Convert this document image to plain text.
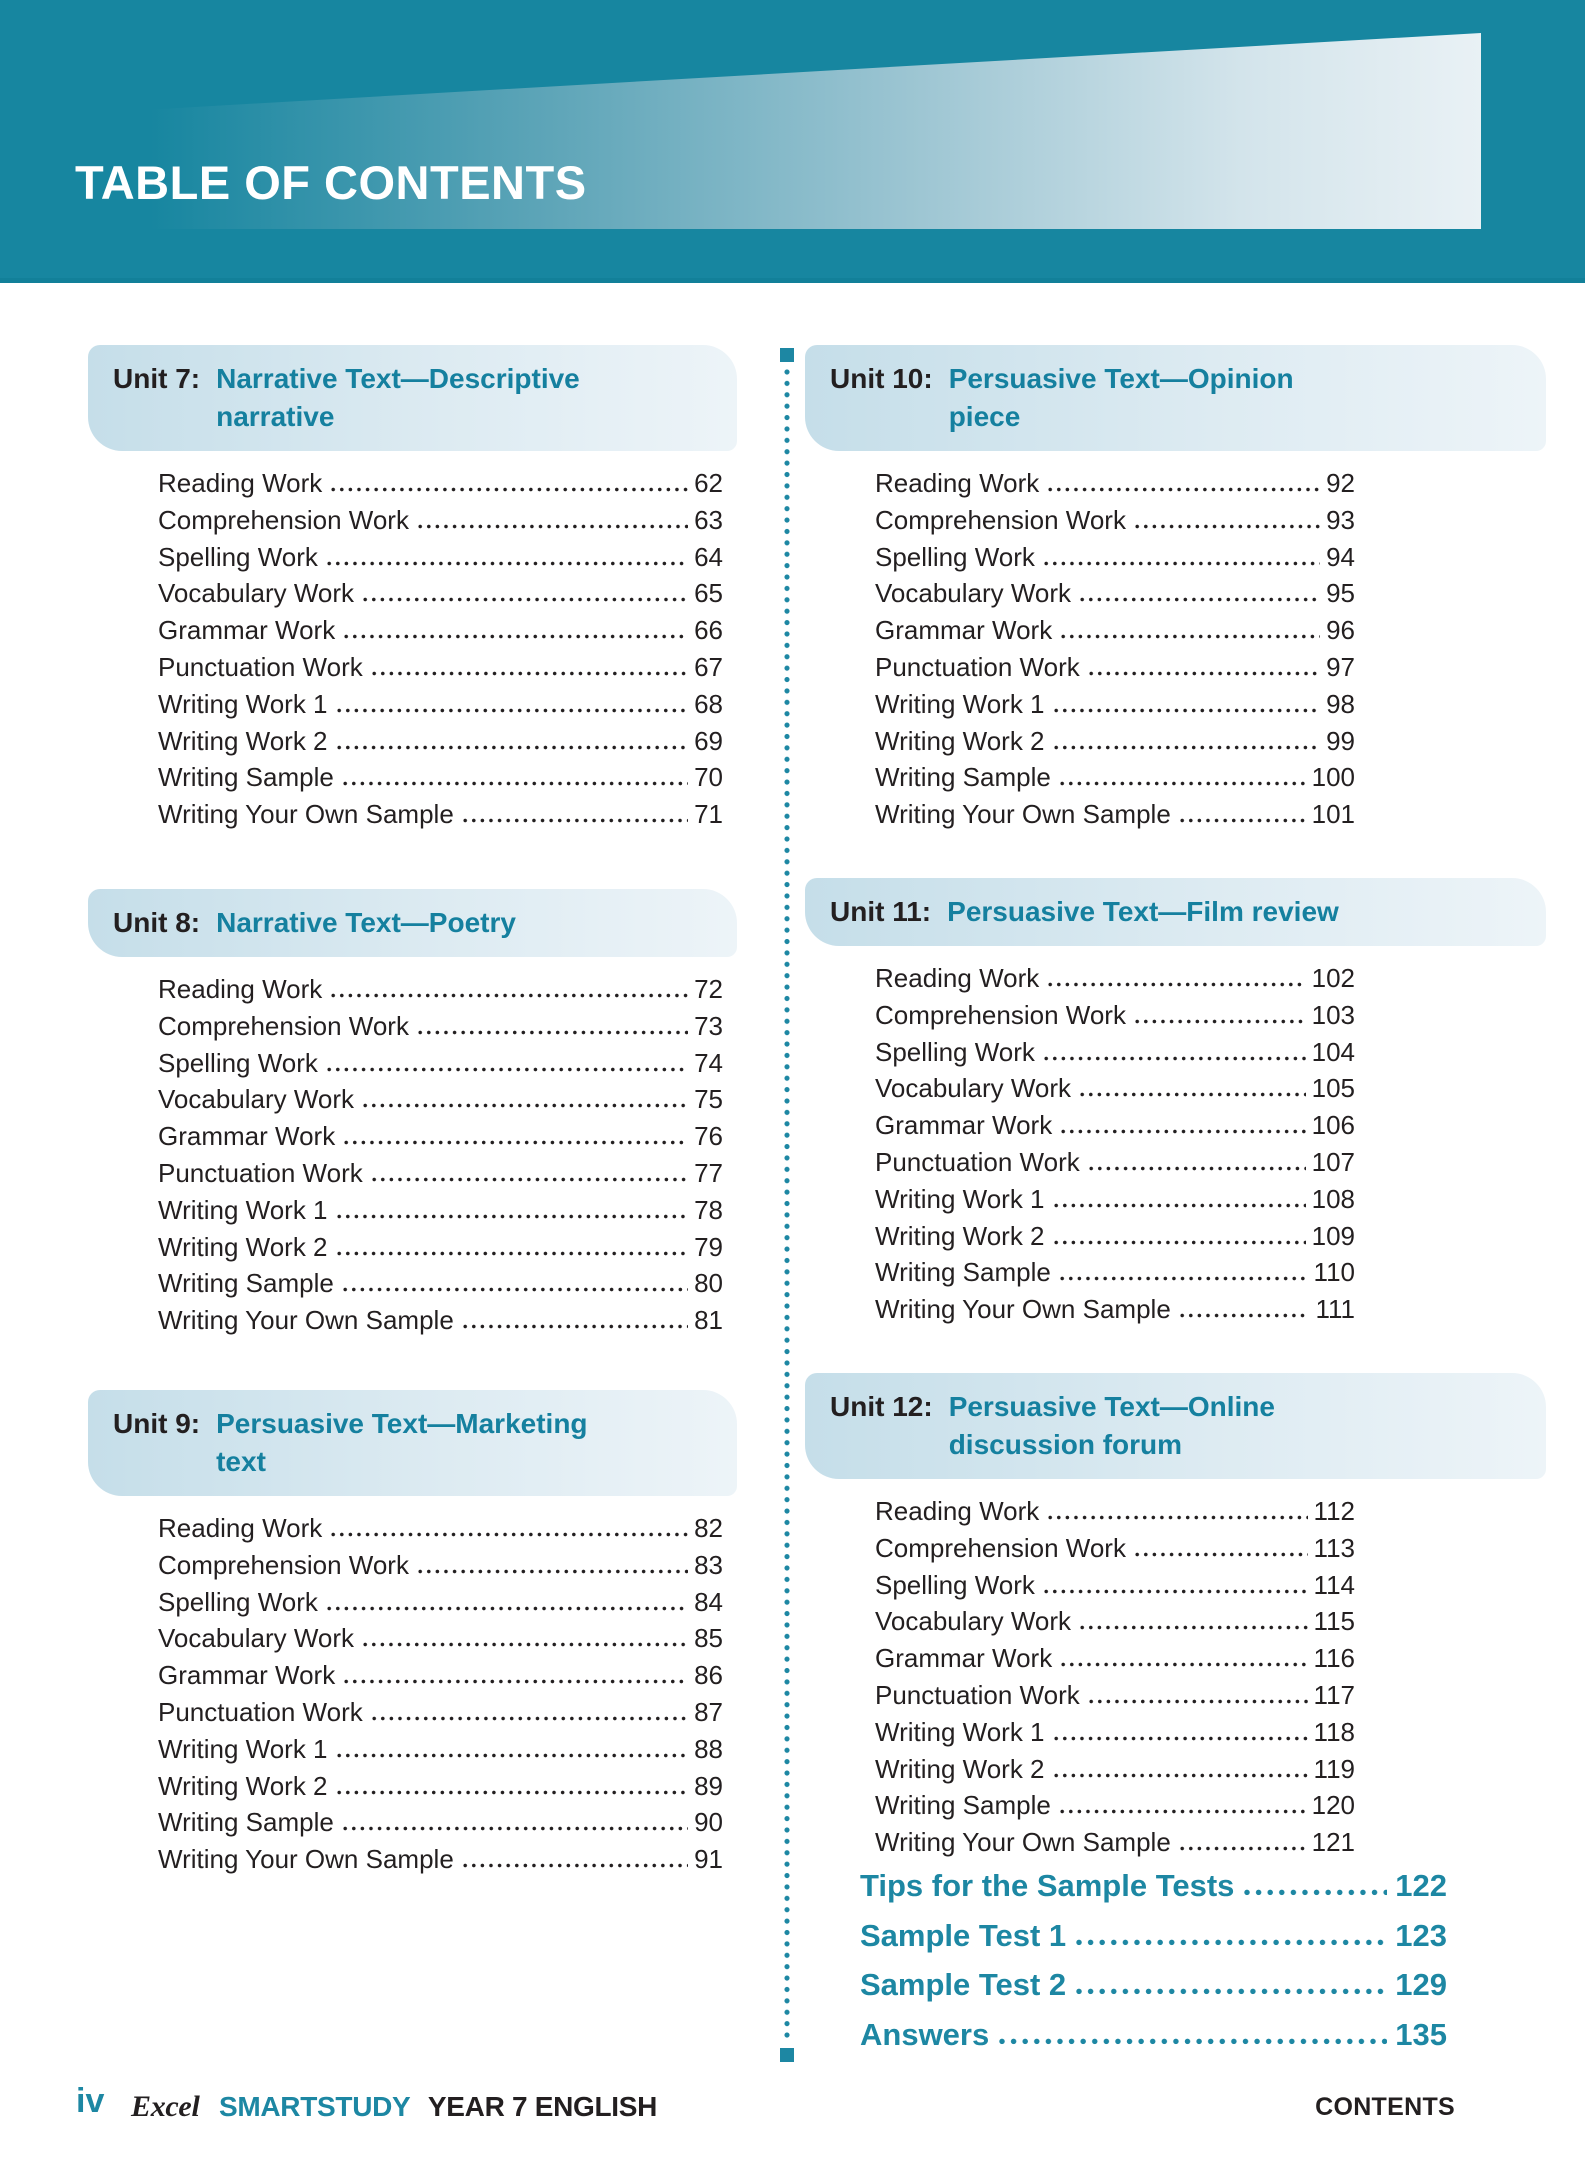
TABLE OF CONTENTS
Unit 7: Narrative Text—Descriptive
narrative
Reading Work	62
Comprehension Work	63
Spelling Work	64
Vocabulary Work	65
Grammar Work	66
Punctuation Work	67
Writing Work 1	68
Writing Work 2	69
Writing Sample	70
Writing Your Own Sample	71
Unit 8: Narrative Text—Poetry
Reading Work	72
Comprehension Work	73
Spelling Work	74
Vocabulary Work	75
Grammar Work	76
Punctuation Work	77
Writing Work 1	78
Writing Work 2	79
Writing Sample	80
Writing Your Own Sample	81
Unit 9: Persuasive Text—Marketing
text
Reading Work	82
Comprehension Work	83
Spelling Work	84
Vocabulary Work	85
Grammar Work	86
Punctuation Work	87
Writing Work 1	88
Writing Work 2	89
Writing Sample	90
Writing Your Own Sample	91
Unit 10: Persuasive Text—Opinion
piece
Reading Work	92
Comprehension Work	93
Spelling Work	94
Vocabulary Work	95
Grammar Work	96
Punctuation Work	97
Writing Work 1	98
Writing Work 2	99
Writing Sample	100
Writing Your Own Sample	101
Unit 11: Persuasive Text—Film review
Reading Work	102
Comprehension Work	103
Spelling Work	104
Vocabulary Work	105
Grammar Work	106
Punctuation Work	107
Writing Work 1	108
Writing Work 2	109
Writing Sample	110
Writing Your Own Sample	111
Unit 12: Persuasive Text—Online
discussion forum
Reading Work	112
Comprehension Work	113
Spelling Work	114
Vocabulary Work	115
Grammar Work	116
Punctuation Work	117
Writing Work 1	118
Writing Work 2	119
Writing Sample	120
Writing Your Own Sample	121
Tips for the Sample Tests	122
Sample Test 1	123
Sample Test 2	129
Answers	135
iv Excel SMARTSTUDY YEAR 7 ENGLISH	CONTENTS
